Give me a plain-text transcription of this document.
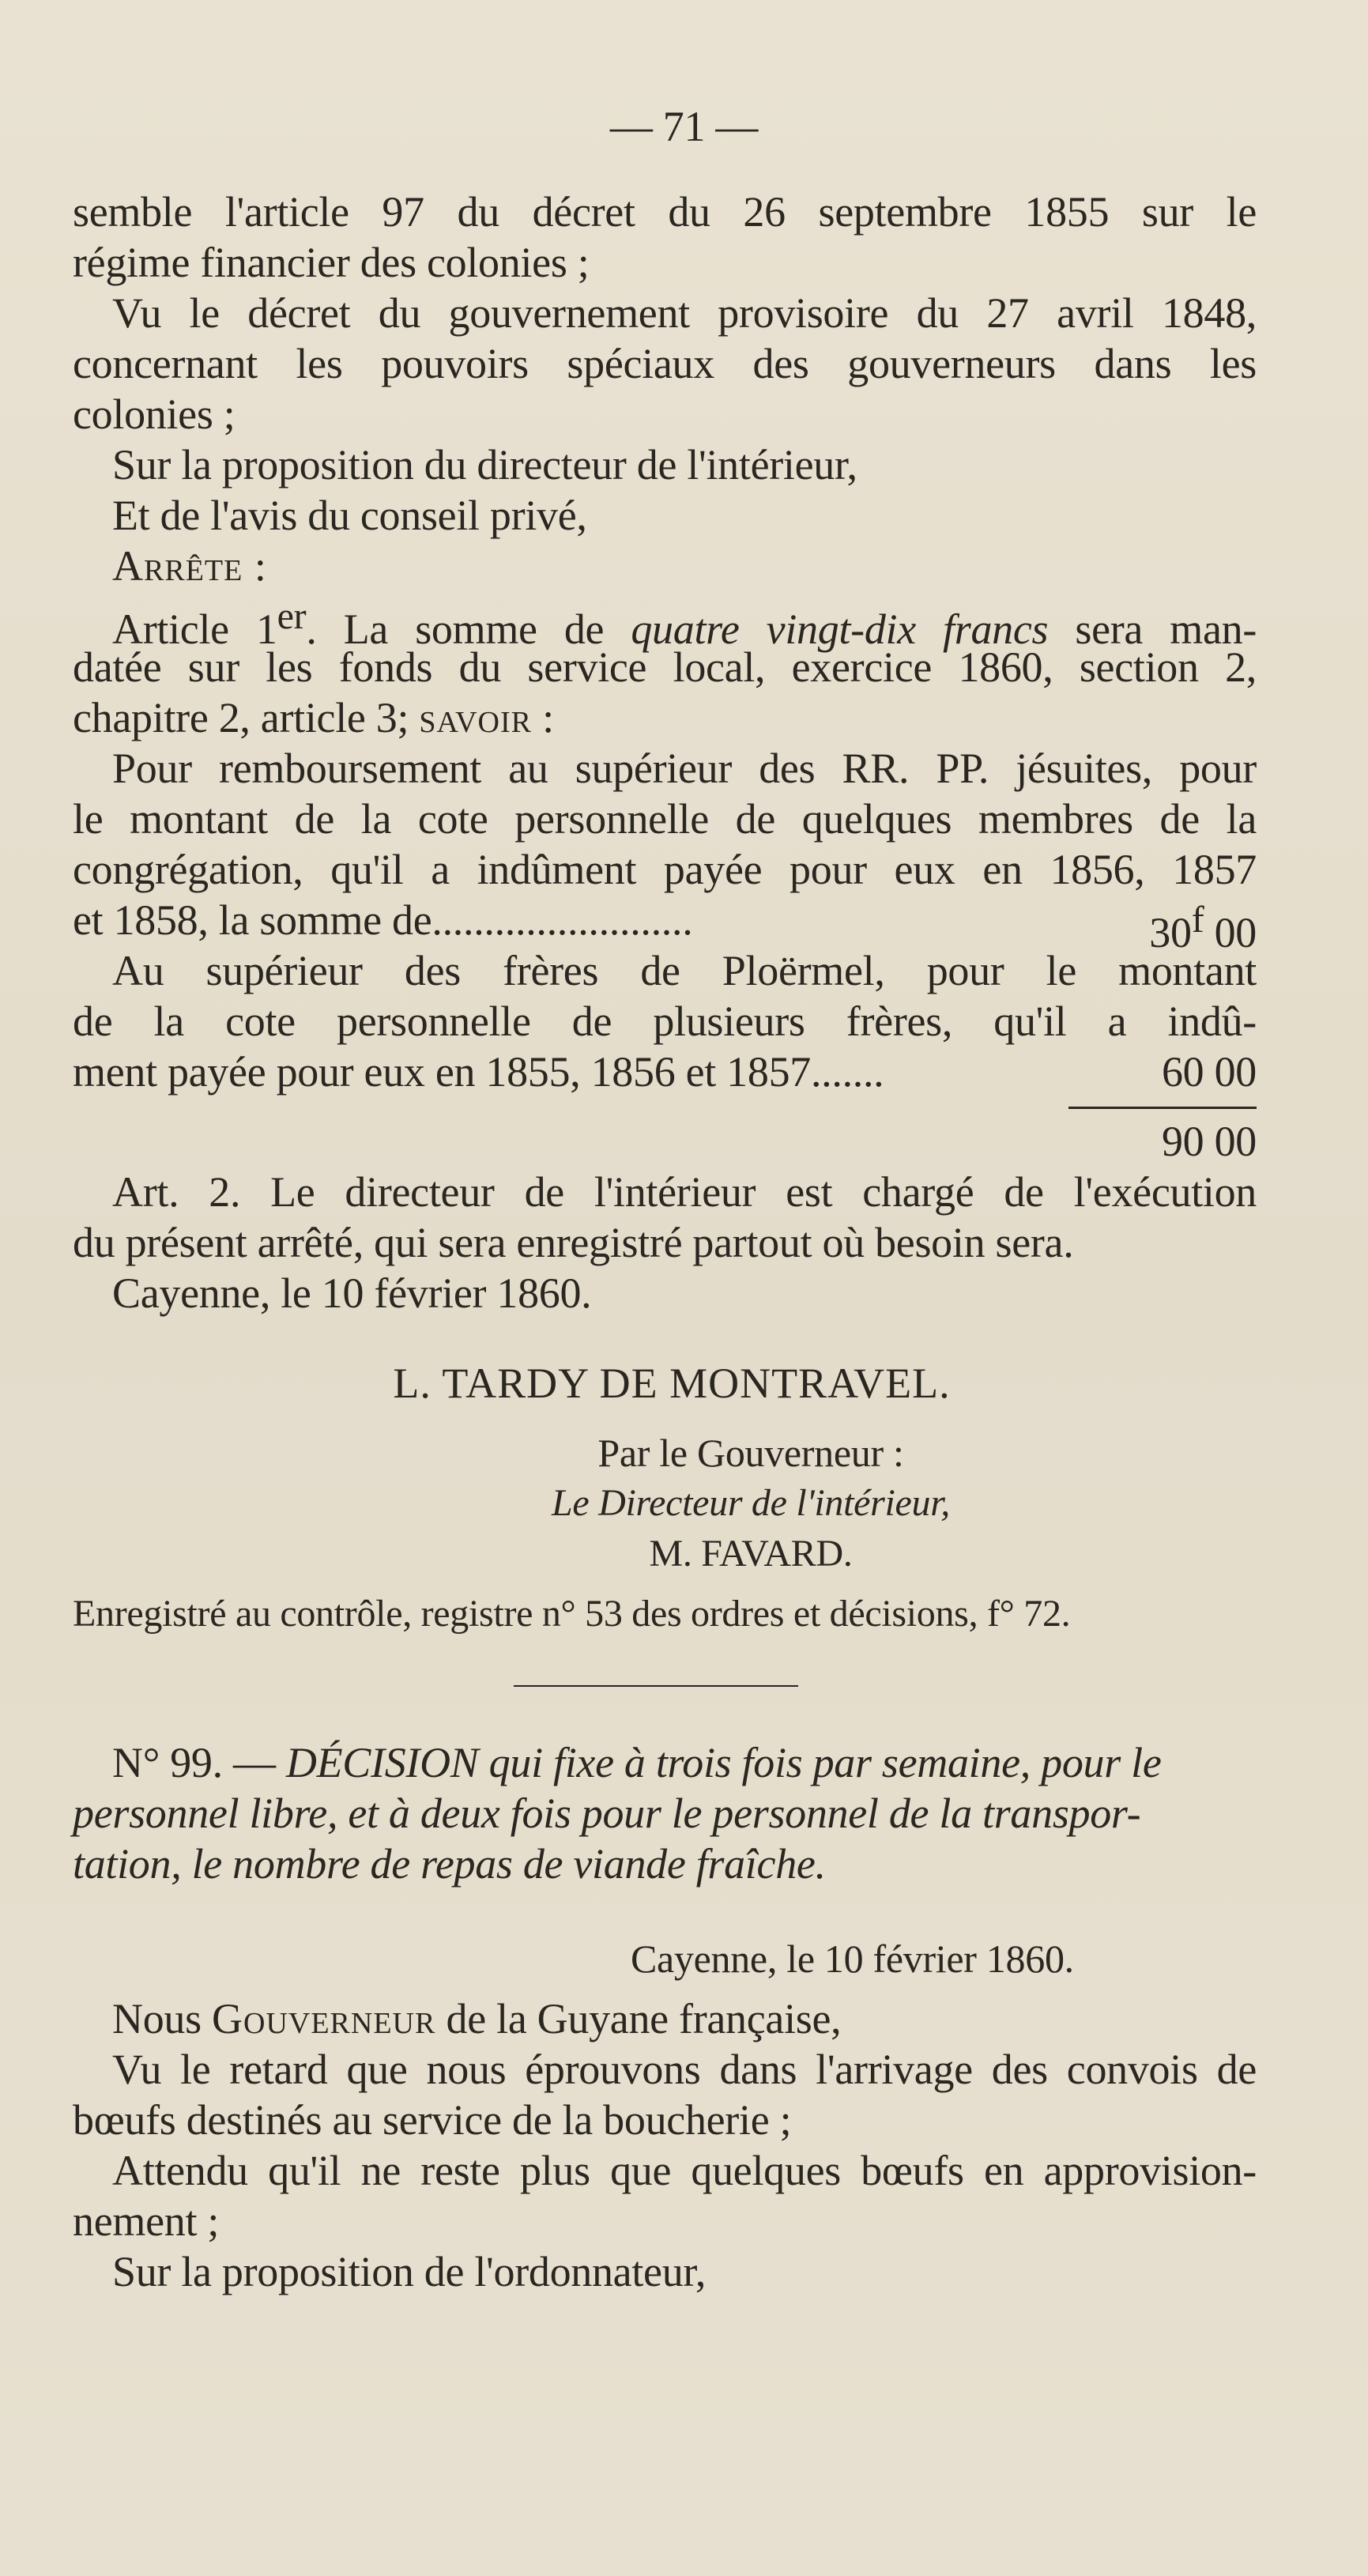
— 71 —

semble l'article 97 du décret du 26 septembre 1855 sur le

régime financier des colonies ;

Vu le décret du gouvernement provisoire du 27 avril 1848,

concernant les pouvoirs spéciaux des gouverneurs dans les

colonies ;

Sur la proposition du directeur de l'intérieur,

Et de l'avis du conseil privé,

Arrête :

Article 1er. La somme de quatre vingt-dix francs sera man-

datée sur les fonds du service local, exercice 1860, section 2,

chapitre 2, article 3; savoir :

Pour remboursement au supérieur des RR. PP. jésuites, pour

le montant de la cote personnelle de quelques membres de la

congrégation, qu'il a indûment payée pour eux en 1856, 1857

et 1858, la somme de.........................	30$^f$ 00

Au supérieur des frères de Ploërmel, pour le montant

de la cote personnelle de plusieurs frères, qu'il a indû-

ment payée pour eux en 1855, 1856 et 1857.......	60 00

90 00

Art. 2. Le directeur de l'intérieur est chargé de l'exécution

du présent arrêté, qui sera enregistré partout où besoin sera.

Cayenne, le 10 février 1860.

L. TARDY DE MONTRAVEL.

Par le Gouverneur :

Le Directeur de l'intérieur,

M. FAVARD.

Enregistré au contrôle, registre n° 53 des ordres et décisions, f° 72.

N° 99. — DÉCISION qui fixe à trois fois par semaine, pour le

personnel libre, et à deux fois pour le personnel de la transpor-

tation, le nombre de repas de viande fraîche.

Cayenne, le 10 février 1860.

Nous Gouverneur de la Guyane française,

Vu le retard que nous éprouvons dans l'arrivage des convois de

bœufs destinés au service de la boucherie ;

Attendu qu'il ne reste plus que quelques bœufs en approvision-

nement ;

Sur la proposition de l'ordonnateur,
